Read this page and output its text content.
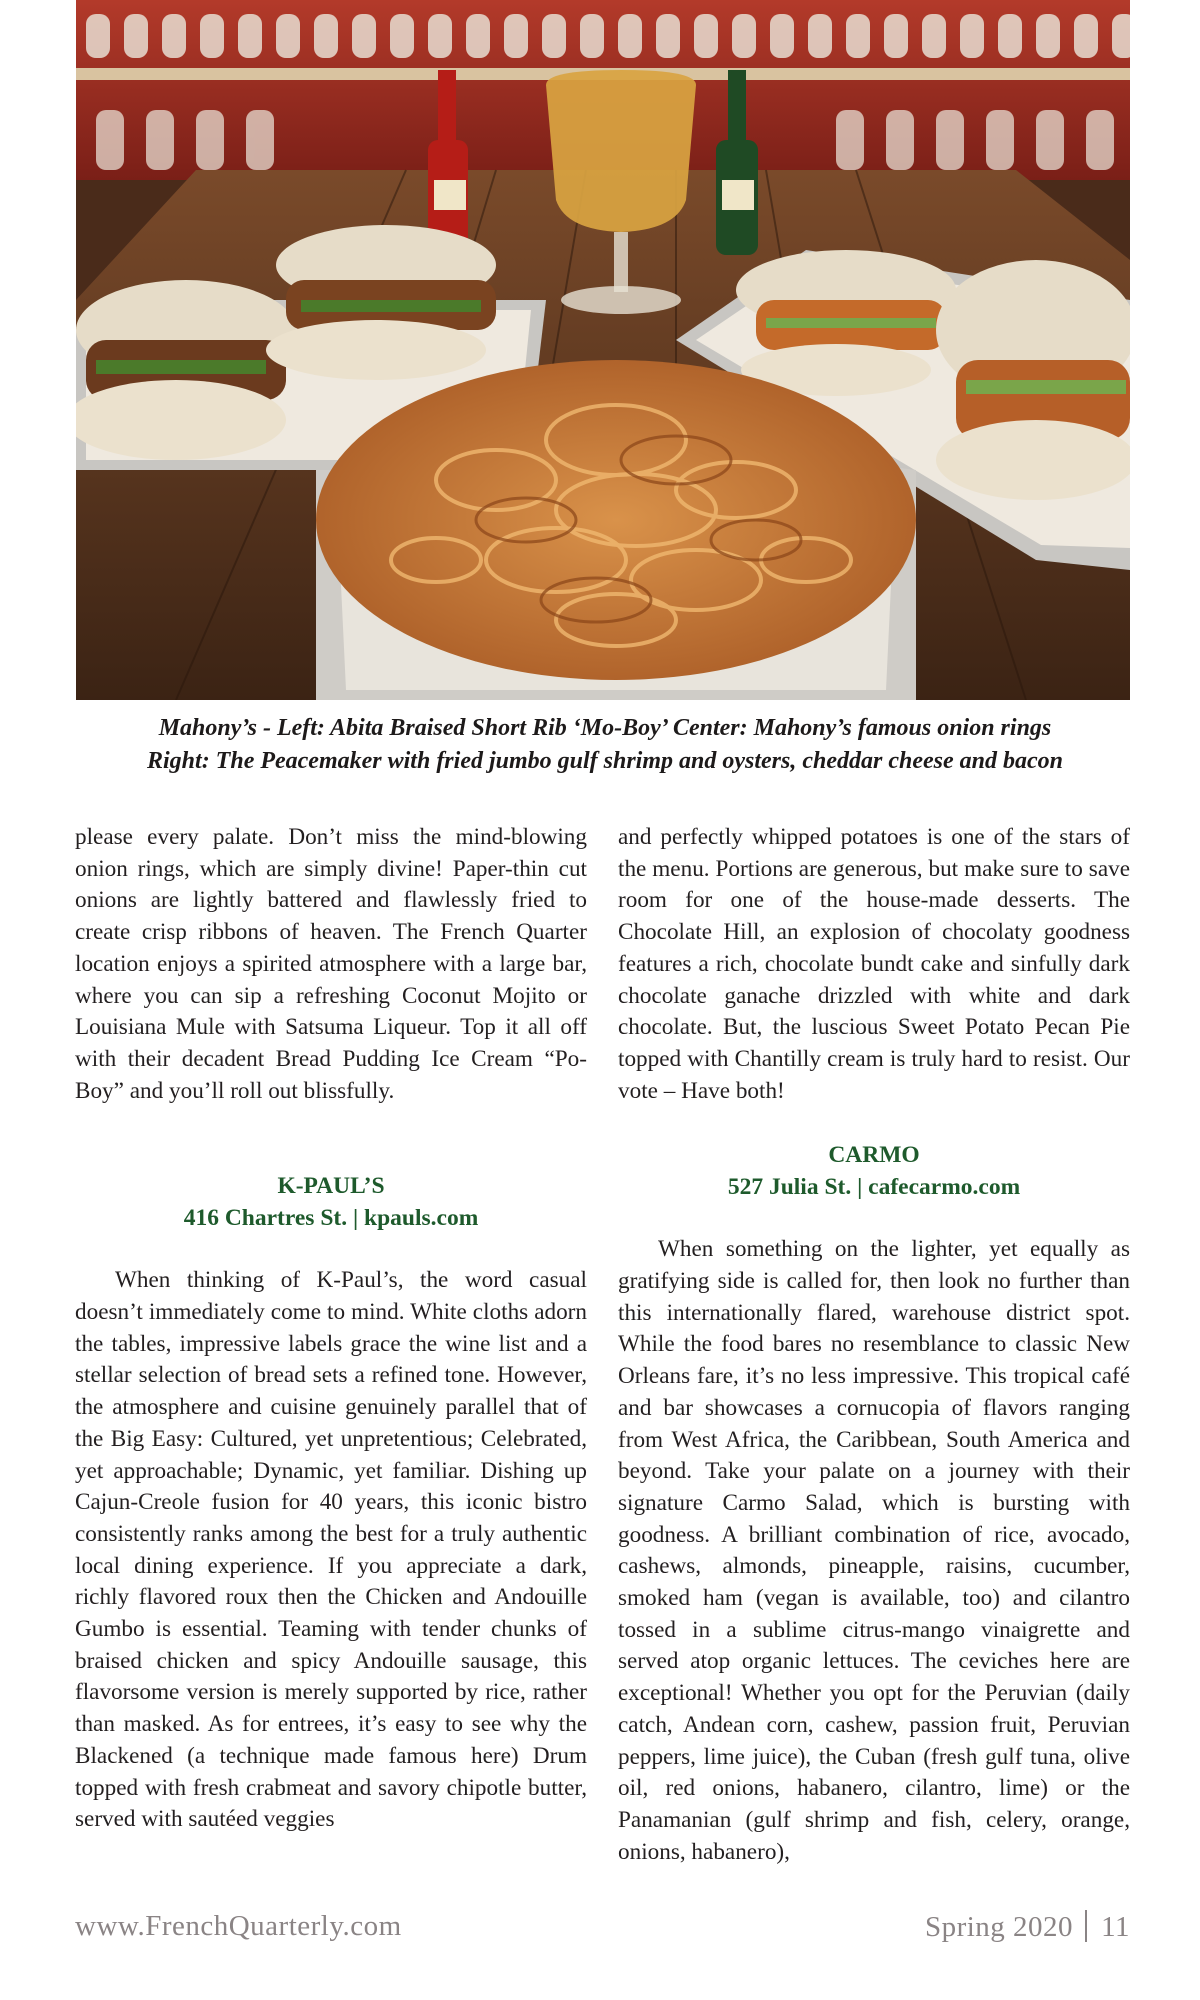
Mahony’s - Left: Abita Braised Short Rib ‘Mo-Boy’ Center: Mahony’s famous onion rings
Right: The Peacemaker with fried jumbo gulf shrimp and oysters, cheddar cheese and bacon

please every palate. Don’t miss the mind-blowing onion rings, which are simply divine! Paper-thin cut onions are lightly battered and flawlessly fried to create crisp ribbons of heaven. The French Quarter location enjoys a spirited atmosphere with a large bar, where you can sip a refreshing Coconut Mojito or Louisiana Mule with Satsuma Liqueur. Top it all off with their decadent Bread Pudding Ice Cream “Po-Boy” and you’ll roll out blissfully.

K-PAUL’S
416 Chartres St. | kpauls.com

When thinking of K-Paul’s, the word casual doesn’t immediately come to mind. White cloths adorn the tables, impressive labels grace the wine list and a stellar selection of bread sets a refined tone. However, the atmosphere and cuisine genuinely parallel that of the Big Easy: Cultured, yet unpretentious; Celebrated, yet approachable; Dynamic, yet familiar. Dishing up Cajun-Creole fusion for 40 years, this iconic bistro consistently ranks among the best for a truly authentic local dining experience. If you appreciate a dark, richly flavored roux then the Chicken and Andouille Gumbo is essential. Teaming with tender chunks of braised chicken and spicy Andouille sausage, this flavorsome version is merely supported by rice, rather than masked. As for entrees, it’s easy to see why the Blackened (a technique made famous here) Drum topped with fresh crabmeat and savory chipotle butter, served with sautéed veggies

and perfectly whipped potatoes is one of the stars of the menu. Portions are generous, but make sure to save room for one of the house-made desserts. The Chocolate Hill, an explosion of chocolaty goodness features a rich, chocolate bundt cake and sinfully dark chocolate ganache drizzled with white and dark chocolate. But, the luscious Sweet Potato Pecan Pie topped with Chantilly cream is truly hard to resist. Our vote – Have both!

CARMO
527 Julia St. | cafecarmo.com

When something on the lighter, yet equally as gratifying side is called for, then look no further than this internationally flared, warehouse district spot. While the food bares no resemblance to classic New Orleans fare, it’s no less impressive. This tropical café and bar showcases a cornucopia of flavors ranging from West Africa, the Caribbean, South America and beyond. Take your palate on a journey with their signature Carmo Salad, which is bursting with goodness. A brilliant combination of rice, avocado, cashews, almonds, pineapple, raisins, cucumber, smoked ham (vegan is available, too) and cilantro tossed in a sublime citrus-mango vinaigrette and served atop organic lettuces. The ceviches here are exceptional! Whether you opt for the Peruvian (daily catch, Andean corn, cashew, passion fruit, Peruvian peppers, lime juice), the Cuban (fresh gulf tuna, olive oil, red onions, habanero, cilantro, lime) or the Panamanian (gulf shrimp and fish, celery, orange, onions, habanero),

www.FrenchQuarterly.com	Spring 2020 11
